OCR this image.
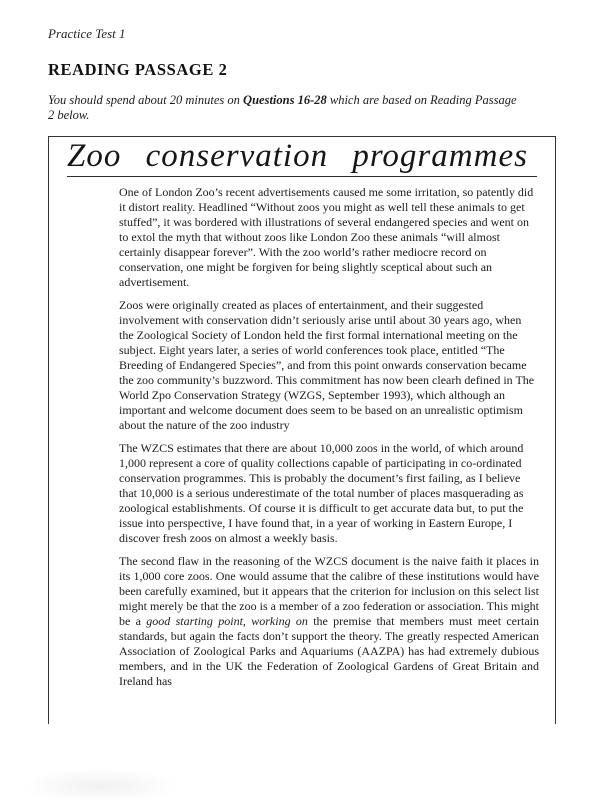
Practice Test 1
READING PASSAGE 2

You should spend about 20 minutes on Questions 16-28 which are based on Reading Passage
2 below.

Zoo conservation programmes

One of London Zoo’s recent advertisements caused me some irritation, so patently did it distort reality. Headlined “Without zoos you might as well tell these animals to get stuffed”, it was bordered with illustrations of several endangered species and went on to extol the myth that without zoos like London Zoo these animals “will almost certainly disappear forever”. With the zoo world’s rather mediocre record on conservation, one might be forgiven for being slightly sceptical about such an advertisement.

Zoos were originally created as places of entertainment, and their suggested involvement with conservation didn’t seriously arise until about 30 years ago, when the Zoological Society of London held the first formal international meeting on the subject. Eight years later, a series of world conferences took place, entitled “The Breeding of Endangered Species”, and from this point onwards conservation became the zoo community’s buzzword. This commitment has now been clearh defined in The World Zpo Conservation Strategy (WZGS, September 1993), which although an important and welcome document does seem to be based on an unrealistic optimism about the nature of the zoo industry

The WZCS estimates that there are about 10,000 zoos in the world, of which around 1,000 represent a core of quality collections capable of participating in co-ordinated conservation programmes. This is probably the document’s first failing, as I believe that 10,000 is a serious underestimate of the total number of places masquerading as zoological establishments. Of course it is difficult to get accurate data but, to put the issue into perspective, I have found that, in a year of working in Eastern Europe, I discover fresh zoos on almost a weekly basis.

The second flaw in the reasoning of the WZCS document is the naive faith it places in its 1,000 core zoos. One would assume that the calibre of these institutions would have been carefully examined, but it appears that the criterion for inclusion on this select list might merely be that the zoo is a member of a zoo federation or association. This might be a good starting point, working on the premise that members must meet certain standards, but again the facts don’t support the theory. The greatly respected American Association of Zoological Parks and Aquariums (AAZPA) has had extremely dubious members, and in the UK the Federation of Zoological Gardens of Great Britain and Ireland has
